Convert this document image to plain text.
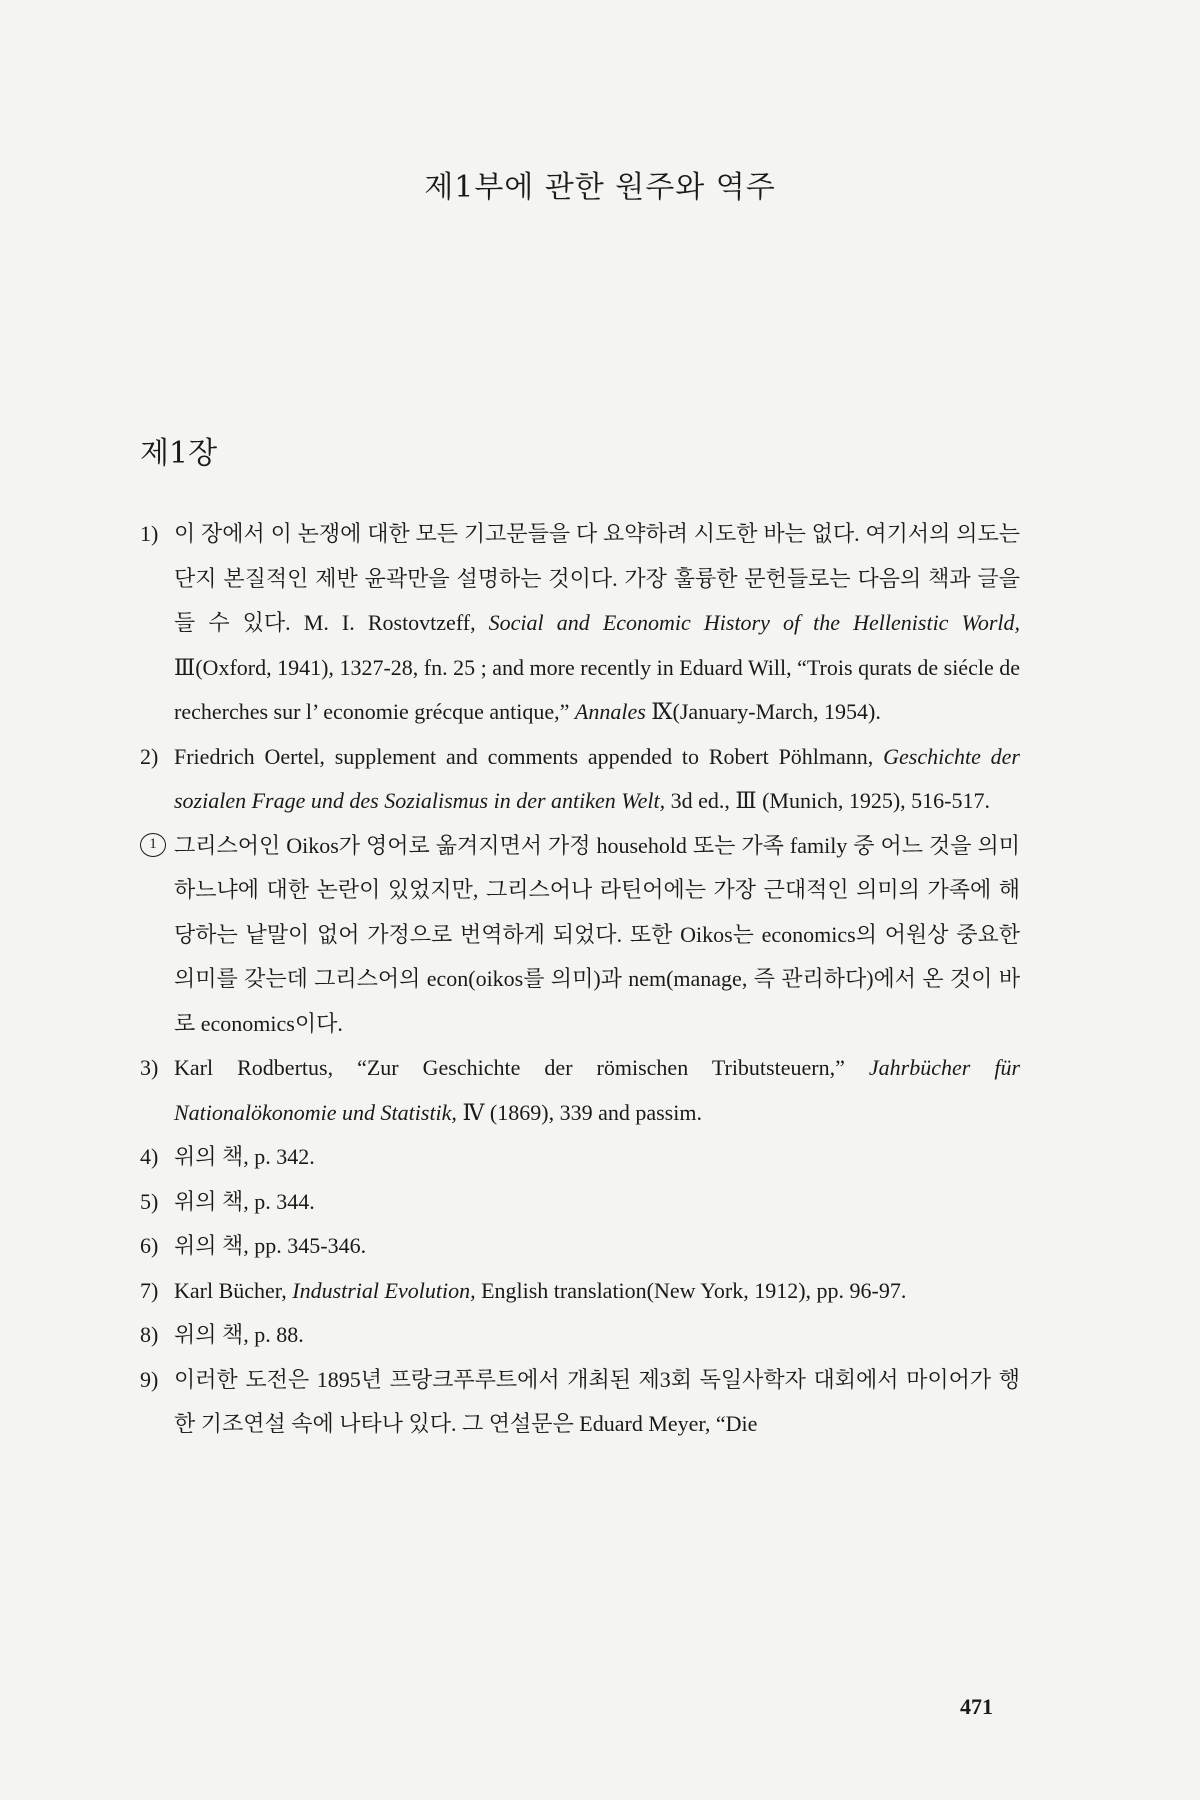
제1부에 관한 원주와 역주
제1장
1) 이 장에서 이 논쟁에 대한 모든 기고문들을 다 요약하려 시도한 바는 없다. 여기서의 의도는 단지 본질적인 제반 윤곽만을 설명하는 것이다. 가장 훌륭한 문헌들로는 다음의 책과 글을 들 수 있다. M. I. Rostovtzeff, Social and Economic History of the Hellenistic World, Ⅲ(Oxford, 1941), 1327-28, fn. 25 ; and more recently in Eduard Will, “Trois qurats de siécle de recherches sur l’ economie grécque antique,” Annales Ⅸ(January-March, 1954).
2) Friedrich Oertel, supplement and comments appended to Robert Pöhlmann, Geschichte der sozialen Frage und des Sozialismus in der antiken Welt, 3d ed., Ⅲ (Munich, 1925), 516-517.
1 그리스어인 Oikos가 영어로 옮겨지면서 가정 household 또는 가족 family 중 어느 것을 의미하느냐에 대한 논란이 있었지만, 그리스어나 라틴어에는 가장 근대적인 의미의 가족에 해당하는 낱말이 없어 가정으로 번역하게 되었다. 또한 Oikos는 economics의 어원상 중요한 의미를 갖는데 그리스어의 econ(oikos를 의미)과 nem(manage, 즉 관리하다)에서 온 것이 바로 economics이다.
3) Karl Rodbertus, “Zur Geschichte der römischen Tributsteuern,” Jahrbücher für Nationalökonomie und Statistik, Ⅳ (1869), 339 and passim.
4) 위의 책, p. 342.
5) 위의 책, p. 344.
6) 위의 책, pp. 345-346.
7) Karl Bücher, Industrial Evolution, English translation(New York, 1912), pp. 96-97.
8) 위의 책, p. 88.
9) 이러한 도전은 1895년 프랑크푸루트에서 개최된 제3회 독일사학자 대회에서 마이어가 행한 기조연설 속에 나타나 있다. 그 연설문은 Eduard Meyer, “Die
471
